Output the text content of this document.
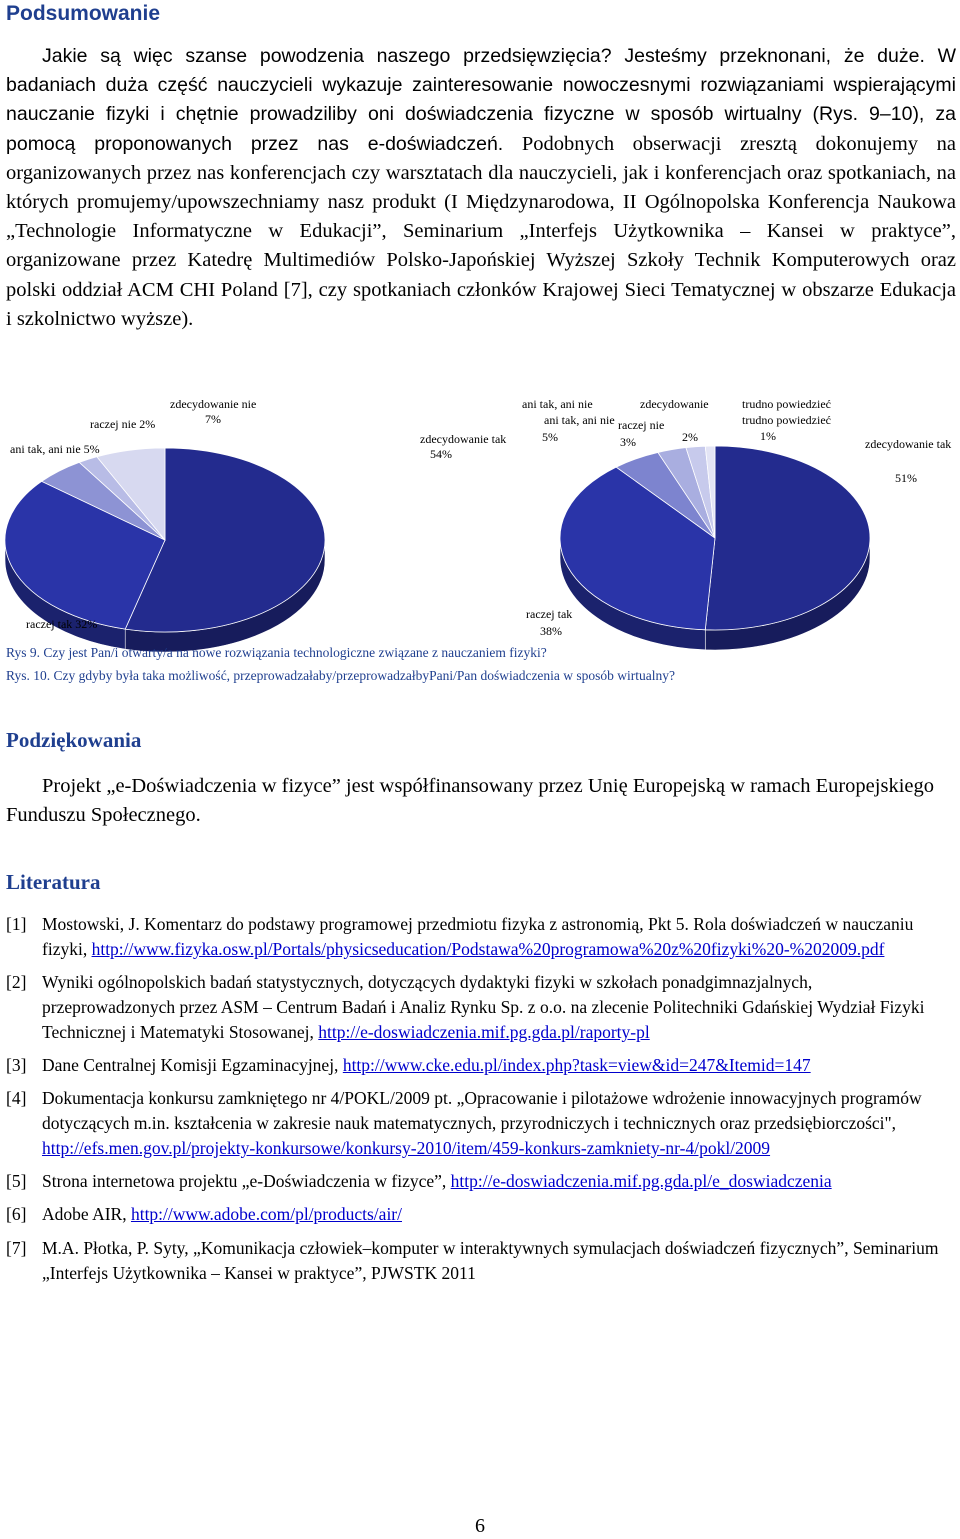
Podsumowanie

Jakie są więc szanse powodzenia naszego przedsięwzięcia? Jesteśmy przeknonani, że duże. W badaniach duża część nauczycieli wykazuje zainteresowanie nowoczesnymi rozwiązaniami wspierającymi nauczanie fizyki i chętnie prowadziliby oni doświadczenia fizyczne w sposób wirtualny (Rys. 9–10), za pomocą proponowanych przez nas e-doświadczeń. Podobnych obserwacji zresztą dokonujemy na organizowanych przez nas konferencjach czy warsztatach dla nauczycieli, jak i konferencjach oraz spotkaniach, na których promujemy/upowszechniamy nasz produkt (I Międzynarodowa, II Ogólnopolska Konferencja Naukowa „Technologie Informatyczne w Edukacji”, Seminarium „Interfejs Użytkownika – Kansei w praktyce”, organizowane przez Katedrę Multimediów Polsko-Japońskiej Wyższej Szkoły Technik Komputerowych oraz polski oddział ACM CHI Poland [7], czy spotkaniach członków Krajowej Sieci Tematycznej w obszarze Edukacja i szkolnictwo wyższe).

zdecydowanie tak
54%
raczej tak 32%
ani tak, ani nie 5%
raczej nie 2%
zdecydowanie nie
7%
zdecydowanie tak
51%
raczej tak
38%
ani tak, ani nie
ani tak, ani nie
5%
zdecydowanie
3%
raczej nie
2%
trudno powiedzieć
trudno powiedzieć
1%

Rys 9. Czy jest Pan/i otwarty/a na nowe rozwiązania technologiczne związane z nauczaniem fizyki?

Rys. 10. Czy gdyby była taka możliwość, przeprowadzałaby/przeprowadzałbyPani/Pan doświadczenia w sposób wirtualny?

Podziękowania

Projekt „e-Doświadczenia w fizyce” jest współfinansowany przez Unię Europejską w ramach Europejskiego Funduszu Społecznego.

Literatura
[1] Mostowski, J. Komentarz do podstawy programowej przedmiotu fizyka z astronomią, Pkt 5. Rola doświadczeń w nauczaniu fizyki, http://www.fizyka.osw.pl/Portals/physicseducation/Podstawa%20programowa%20z%20fizyki%20-%202009.pdf
[2] Wyniki ogólnopolskich badań statystycznych, dotyczących dydaktyki fizyki w szkołach ponadgimnazjalnych, przeprowadzonych przez ASM – Centrum Badań i Analiz Rynku Sp. z o.o. na zlecenie Politechniki Gdańskiej Wydział Fizyki Technicznej i Matematyki Stosowanej, http://e-doswiadczenia.mif.pg.gda.pl/raporty-pl
[3] Dane Centralnej Komisji Egzaminacyjnej, http://www.cke.edu.pl/index.php?task=view&id=247&Itemid=147
[4] Dokumentacja konkursu zamkniętego nr 4/POKL/2009 pt. „Opracowanie i pilotażowe wdrożenie innowacyjnych programów dotyczących m.in. kształcenia w zakresie nauk matematycznych, przyrodniczych i technicznych oraz przedsiębiorczości", http://efs.men.gov.pl/projekty-konkursowe/konkursy-2010/item/459-konkurs-zamkniety-nr-4/pokl/2009
[5] Strona internetowa projektu „e-Doświadczenia w fizyce”, http://e-doswiadczenia.mif.pg.gda.pl/e_doswiadczenia
[6] Adobe AIR, http://www.adobe.com/pl/products/air/
[7] M.A. Płotka, P. Syty, „Komunikacja człowiek–komputer w interaktywnych symulacjach doświadczeń fizycznych”, Seminarium „Interfejs Użytkownika – Kansei w praktyce”, PJWSTK 2011
6
